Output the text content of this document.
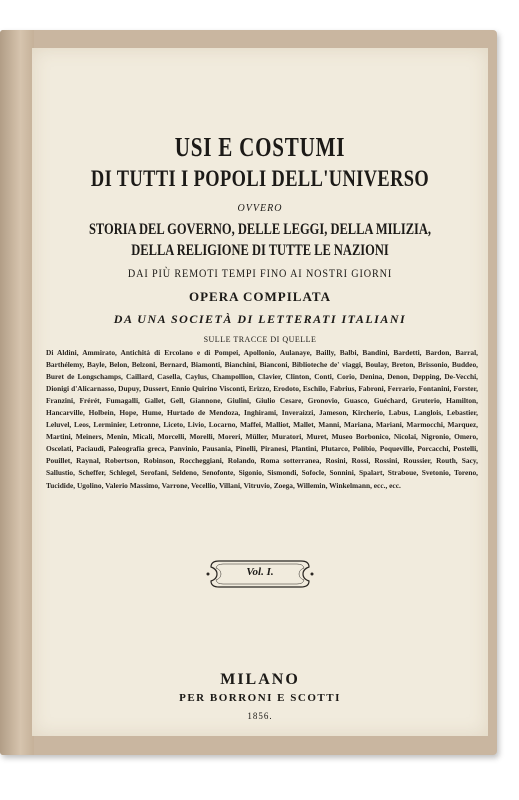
USI E COSTUMI
DI TUTTI I POPOLI DELL'UNIVERSO
OVVERO
STORIA DEL GOVERNO, DELLE LEGGI, DELLA MILIZIA,
DELLA RELIGIONE DI TUTTE LE NAZIONI
DAI PIÙ REMOTI TEMPI FINO AI NOSTRI GIORNI
OPERA COMPILATA
DA UNA SOCIETÀ DI LETTERATI ITALIANI
SULLE TRACCE DI QUELLE
Di Aldini, Ammirato, Antichità di Ercolano e di Pompei, Apollonio, Aulanaye, Bailly, Balbi, Bandini, Bardetti, Bardon, Barral, Barthélemy, Bayle, Belon, Belzoni, Bernard, Biamonti, Bianchini, Bianconi, Biblioteche de' viaggi, Boulay, Breton, Brissonio, Buddeo, Buret de Longschamps, Caillard, Casella, Caylus, Champollion, Clavier, Clinton, Conti, Corio, Denina, Denon, Depping, De-Vecchi, Dionigi d'Alicarnasso, Dupuy, Dussert, Ennio Quirino Visconti, Erizzo, Erodoto, Eschilo, Fabrius, Fabroni, Ferrario, Fontanini, Forster, Franzini, Frérét, Fumagalli, Gallet, Gell, Giannone, Giulini, Giulio Cesare, Gronovio, Guasco, Guéchard, Gruterio, Hamilton, Hancarville, Holbein, Hope, Hume, Hurtado de Mendoza, Inghirami, Inveraizzi, Jameson, Kircherio, Labus, Langlois, Lebastier, Leluvel, Leos, Lerminier, Letronne, Liceto, Livio, Locarno, Maffei, Malliot, Mallet, Manni, Mariana, Mariani, Marmocchi, Marquez, Martini, Meiners, Menin, Micali, Morcelli, Morelli, Moreri, Müller, Muratori, Muret, Museo Borbonico, Nicolai, Nigronio, Omero, Oscelati, Paciaudi, Paleografia greca, Panvinio, Pausania, Pinelli, Piranesi, Plantini, Plutarco, Polibio, Poqueville, Porcacchi, Postelli, Pouillet, Raynal, Robertson, Robinson, Roccheggiani, Rolando, Roma sotterranea, Rosini, Rossi, Rossini, Roussier, Routh, Sacy, Sallustio, Scheffer, Schlegel, Serofani, Seldeno, Senofonte, Sigonio, Sismondi, Sofocle, Sonnini, Spalart, Straboue, Svetonio, Toreno, Tucidide, Ugolino, Valerio Massimo, Varrone, Vecellio, Villani, Vitruvio, Zoega, Willemin, Winkelmann, ecc., ecc.
Vol. I.
MILANO
PER BORRONI E SCOTTI
1856.
